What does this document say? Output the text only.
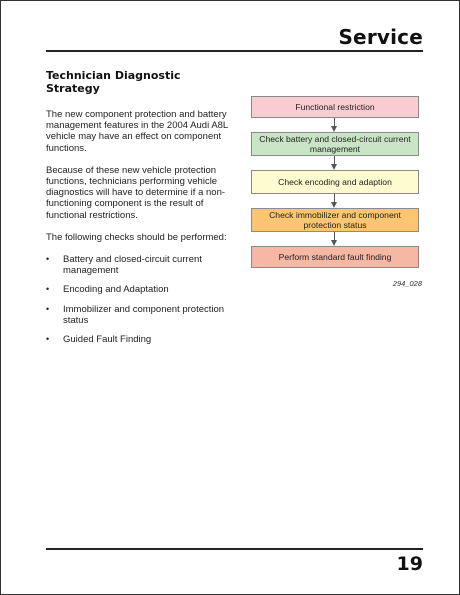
Service
Technician Diagnostic Strategy

The new component protection and battery management features in the 2004 Audi A8L vehicle may have an effect on component functions.

Because of these new vehicle protection functions, technicians performing vehicle diagnostics will have to determine if a non-functioning component is the result of functional restrictions.

The following checks should be performed:

• Battery and closed-circuit current management
• Encoding and Adaptation
• Immobilizer and component protection status
• Guided Fault Finding
Functional restriction
Check battery and closed-circuit current management
Check encoding and adaption
Check immobilizer and component protection status
Perform standard fault finding

294_028

19
